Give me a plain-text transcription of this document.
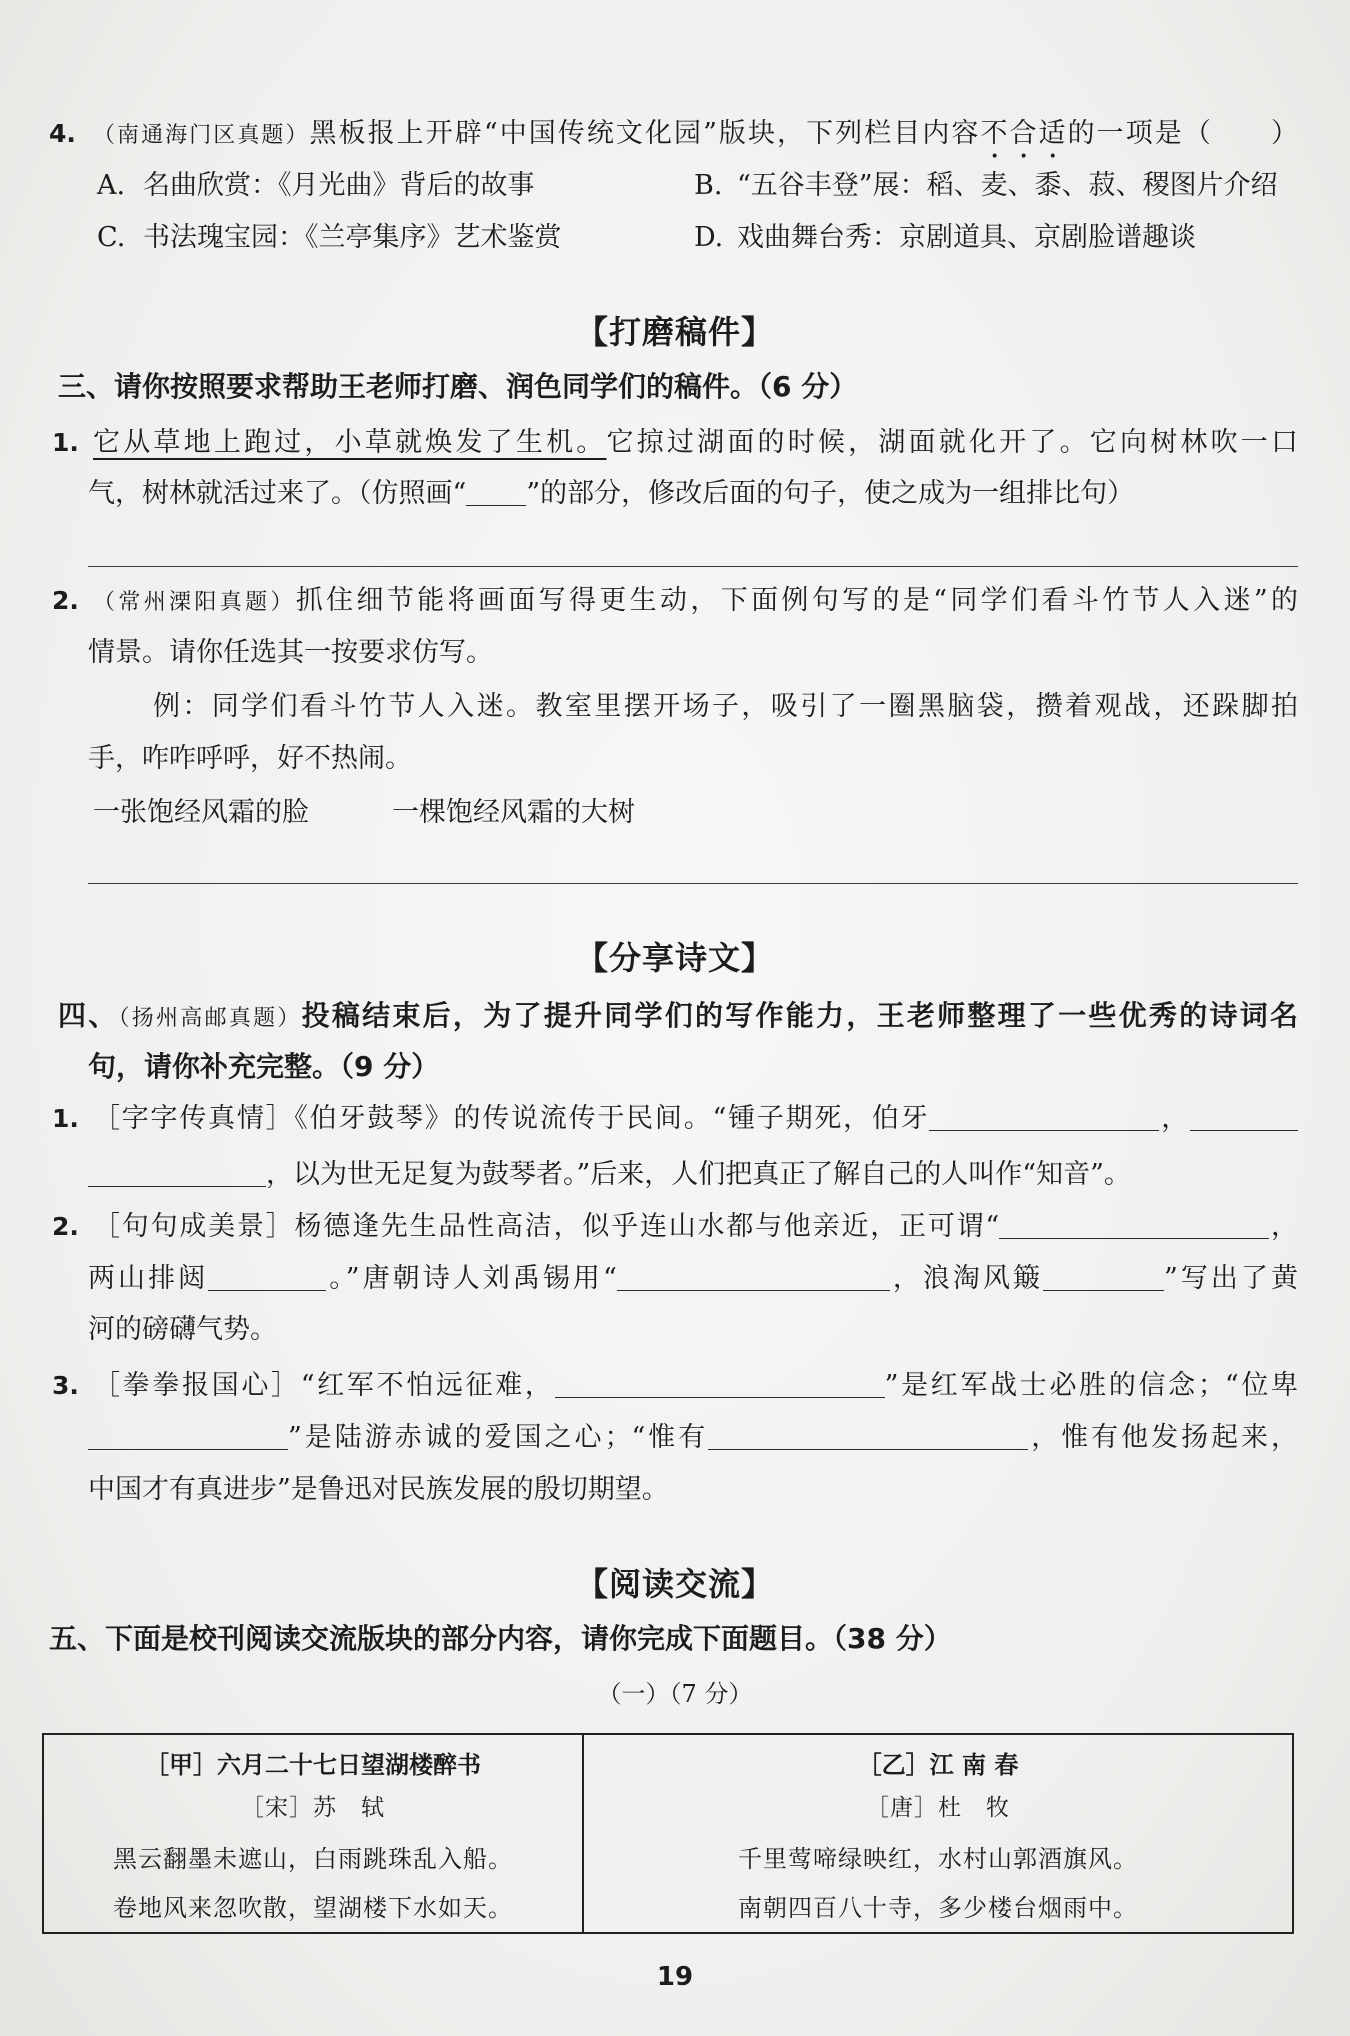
4. （南通海门区真题）黑板报上开辟“中国传统文化园”版块，下列栏目内容不合适的一项是（　　）
A. 名曲欣赏：《月光曲》背后的故事	B. “五谷丰登”展：稻、麦、黍、菽、稷图片介绍
C. 书法瑰宝园：《兰亭集序》艺术鉴赏	D. 戏曲舞台秀：京剧道具、京剧脸谱趣谈
【打磨稿件】
三、请你按照要求帮助王老师打磨、润色同学们的稿件。（6 分）
1. 它从草地上跑过，小草就焕发了生机。它掠过湖面的时候，湖面就化开了。它向树林吹一口
气，树林就活过来了。（仿照画“ ”的部分，修改后面的句子，使之成为一组排比句）
2. （常州溧阳真题）抓住细节能将画面写得更生动，下面例句写的是“同学们看斗竹节人入迷”的
情景。请你任选其一按要求仿写。
例：同学们看斗竹节人入迷。教室里摆开场子，吸引了一圈黑脑袋，攒着观战，还跺脚拍
手，咋咋呼呼，好不热闹。
一张饱经风霜的脸	一棵饱经风霜的大树
【分享诗文】
四、（扬州高邮真题）投稿结束后，为了提升同学们的写作能力，王老师整理了一些优秀的诗词名
句，请你补充完整。（9 分）
1. ［字字传真情］《伯牙鼓琴》的传说流传于民间。“锺子期死，伯牙	，
，以为世无足复为鼓琴者。”后来，人们把真正了解自己的人叫作“知音”。
2. ［句句成美景］杨德逢先生品性高洁，似乎连山水都与他亲近，正可谓“	，
两山排闼	。”唐朝诗人刘禹锡用“	，浪淘风簸	”写出了黄
河的磅礴气势。
3. ［拳拳报国心］“红军不怕远征难，	”是红军战士必胜的信念；“位卑
”是陆游赤诚的爱国之心；“惟有	，惟有他发扬起来，
中国才有真进步”是鲁迅对民族发展的殷切期望。
【阅读交流】
五、下面是校刊阅读交流版块的部分内容，请你完成下面题目。（38 分）
（一）（7 分）
［甲］六月二十七日望湖楼醉书
［宋］苏　轼
黑云翻墨未遮山，白雨跳珠乱入船。
卷地风来忽吹散，望湖楼下水如天。
［乙］江 南 春
［唐］杜　牧
千里莺啼绿映红，水村山郭酒旗风。
南朝四百八十寺，多少楼台烟雨中。
19
